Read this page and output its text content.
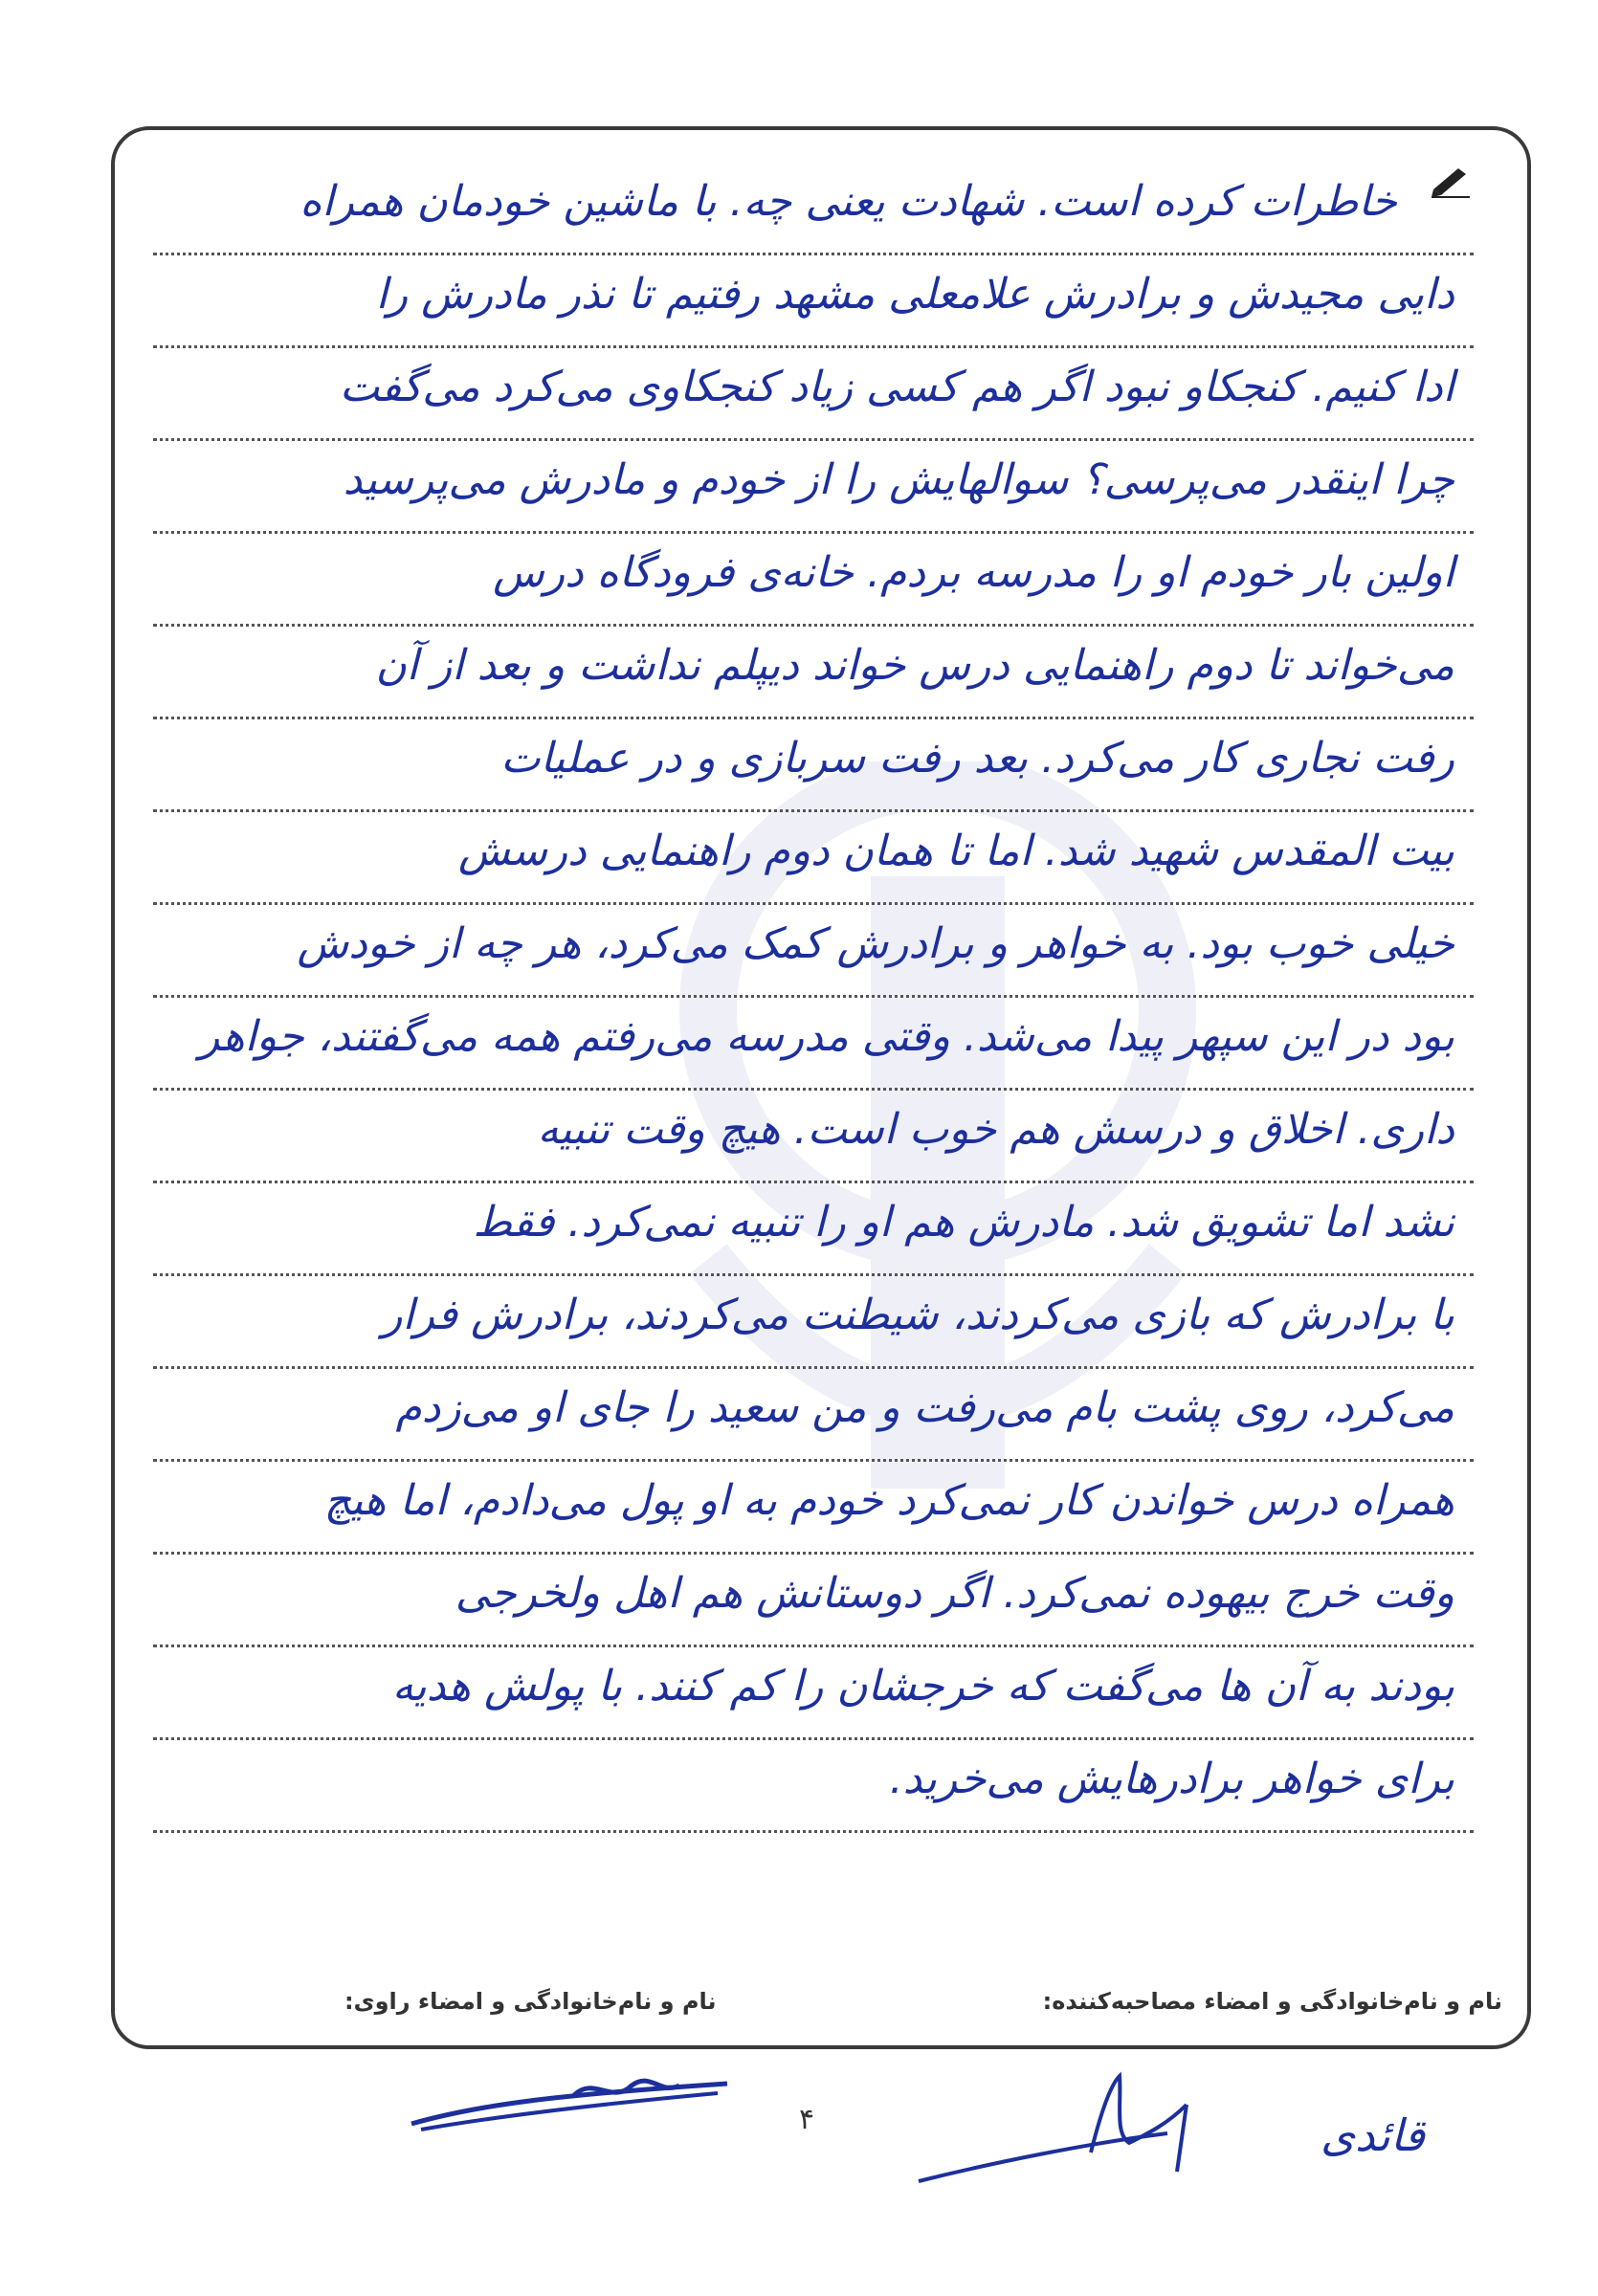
خاطرات کرده است. شهادت یعنی چه. با ماشین خودمان همراه
دایی مجیدش و برادرش علامعلی مشهد رفتیم تا نذر مادرش را
ادا کنیم. کنجکاو نبود اگر هم کسی زیاد کنجکاوی می‌کرد می‌گفت
چرا اینقدر می‌پرسی؟ سوالهایش را از خودم و مادرش می‌پرسید
اولین بار خودم او را مدرسه بردم. خانه‌ی فرودگاه درس
می‌خواند تا دوم راهنمایی درس خواند دیپلم نداشت و بعد از آن
رفت نجاری کار می‌کرد. بعد رفت سربازی و در عملیات
بیت المقدس شهید شد. اما تا همان دوم راهنمایی درسش
خیلی خوب بود. به خواهر و برادرش کمک می‌کرد، هر چه از خودش
بود در این سپهر پیدا می‌شد. وقتی مدرسه می‌رفتم همه می‌گفتند، جواهر
داری. اخلاق و درسش هم خوب است. هیچ وقت تنبیه
نشد اما تشویق شد. مادرش هم او را تنبیه نمی‌کرد. فقط
با برادرش که بازی می‌کردند، شیطنت می‌کردند، برادرش فرار
می‌کرد، روی پشت بام می‌رفت و من سعید را جای او می‌زدم
همراه درس خواندن کار نمی‌کرد خودم به او پول می‌دادم، اما هیچ
وقت خرج بیهوده نمی‌کرد. اگر دوستانش هم اهل ولخرجی
بودند به آن ها می‌گفت که خرجشان را کم کنند. با پولش هدیه
برای خواهر برادرهایش می‌خرید.
نام و نام‌خانوادگی و امضاء مصاحبه‌کننده:
نام و نام‌خانوادگی و امضاء راوی:
۴	قائدی
